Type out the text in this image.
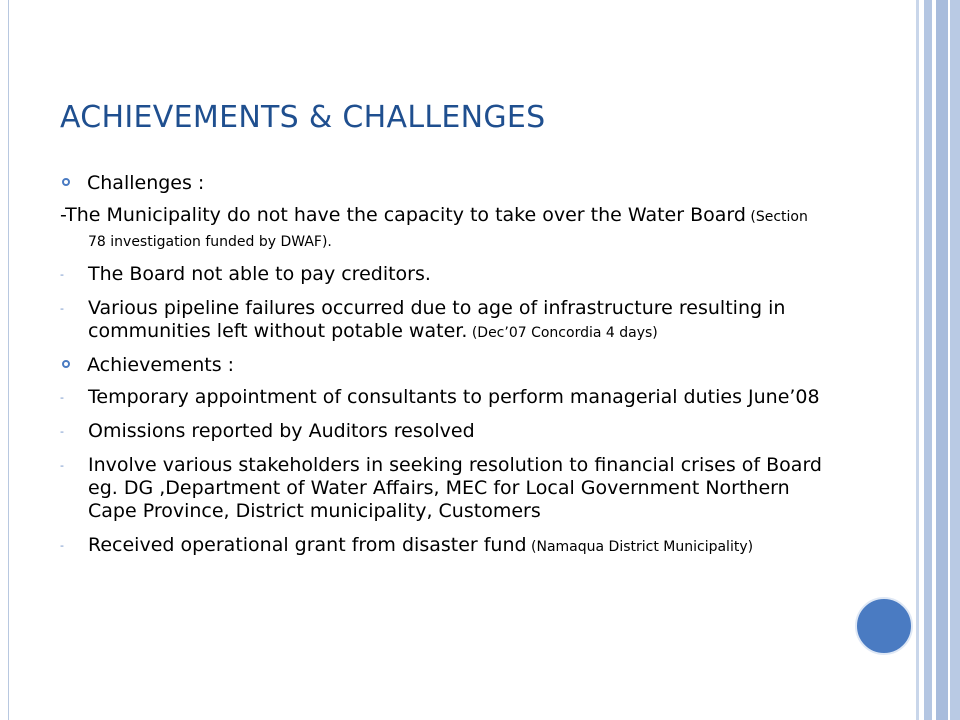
ACHIEVEMENTS & CHALLENGES
Challenges :
-The Municipality do not have the capacity to take over the Water Board (Section 78 investigation funded by DWAF).
-	The Board not able to pay creditors.
-	Various pipeline failures occurred due to age of infrastructure resulting in communities left without potable water. (Dec’07 Concordia 4 days)
Achievements :
-	Temporary appointment of consultants to perform managerial duties June’08
-	Omissions reported by Auditors resolved
-	Involve various stakeholders in seeking resolution to financial crises of Board eg. DG ,Department of Water Affairs, MEC for Local Government Northern Cape Province, District municipality, Customers
-	Received operational grant from disaster fund (Namaqua District Municipality)
